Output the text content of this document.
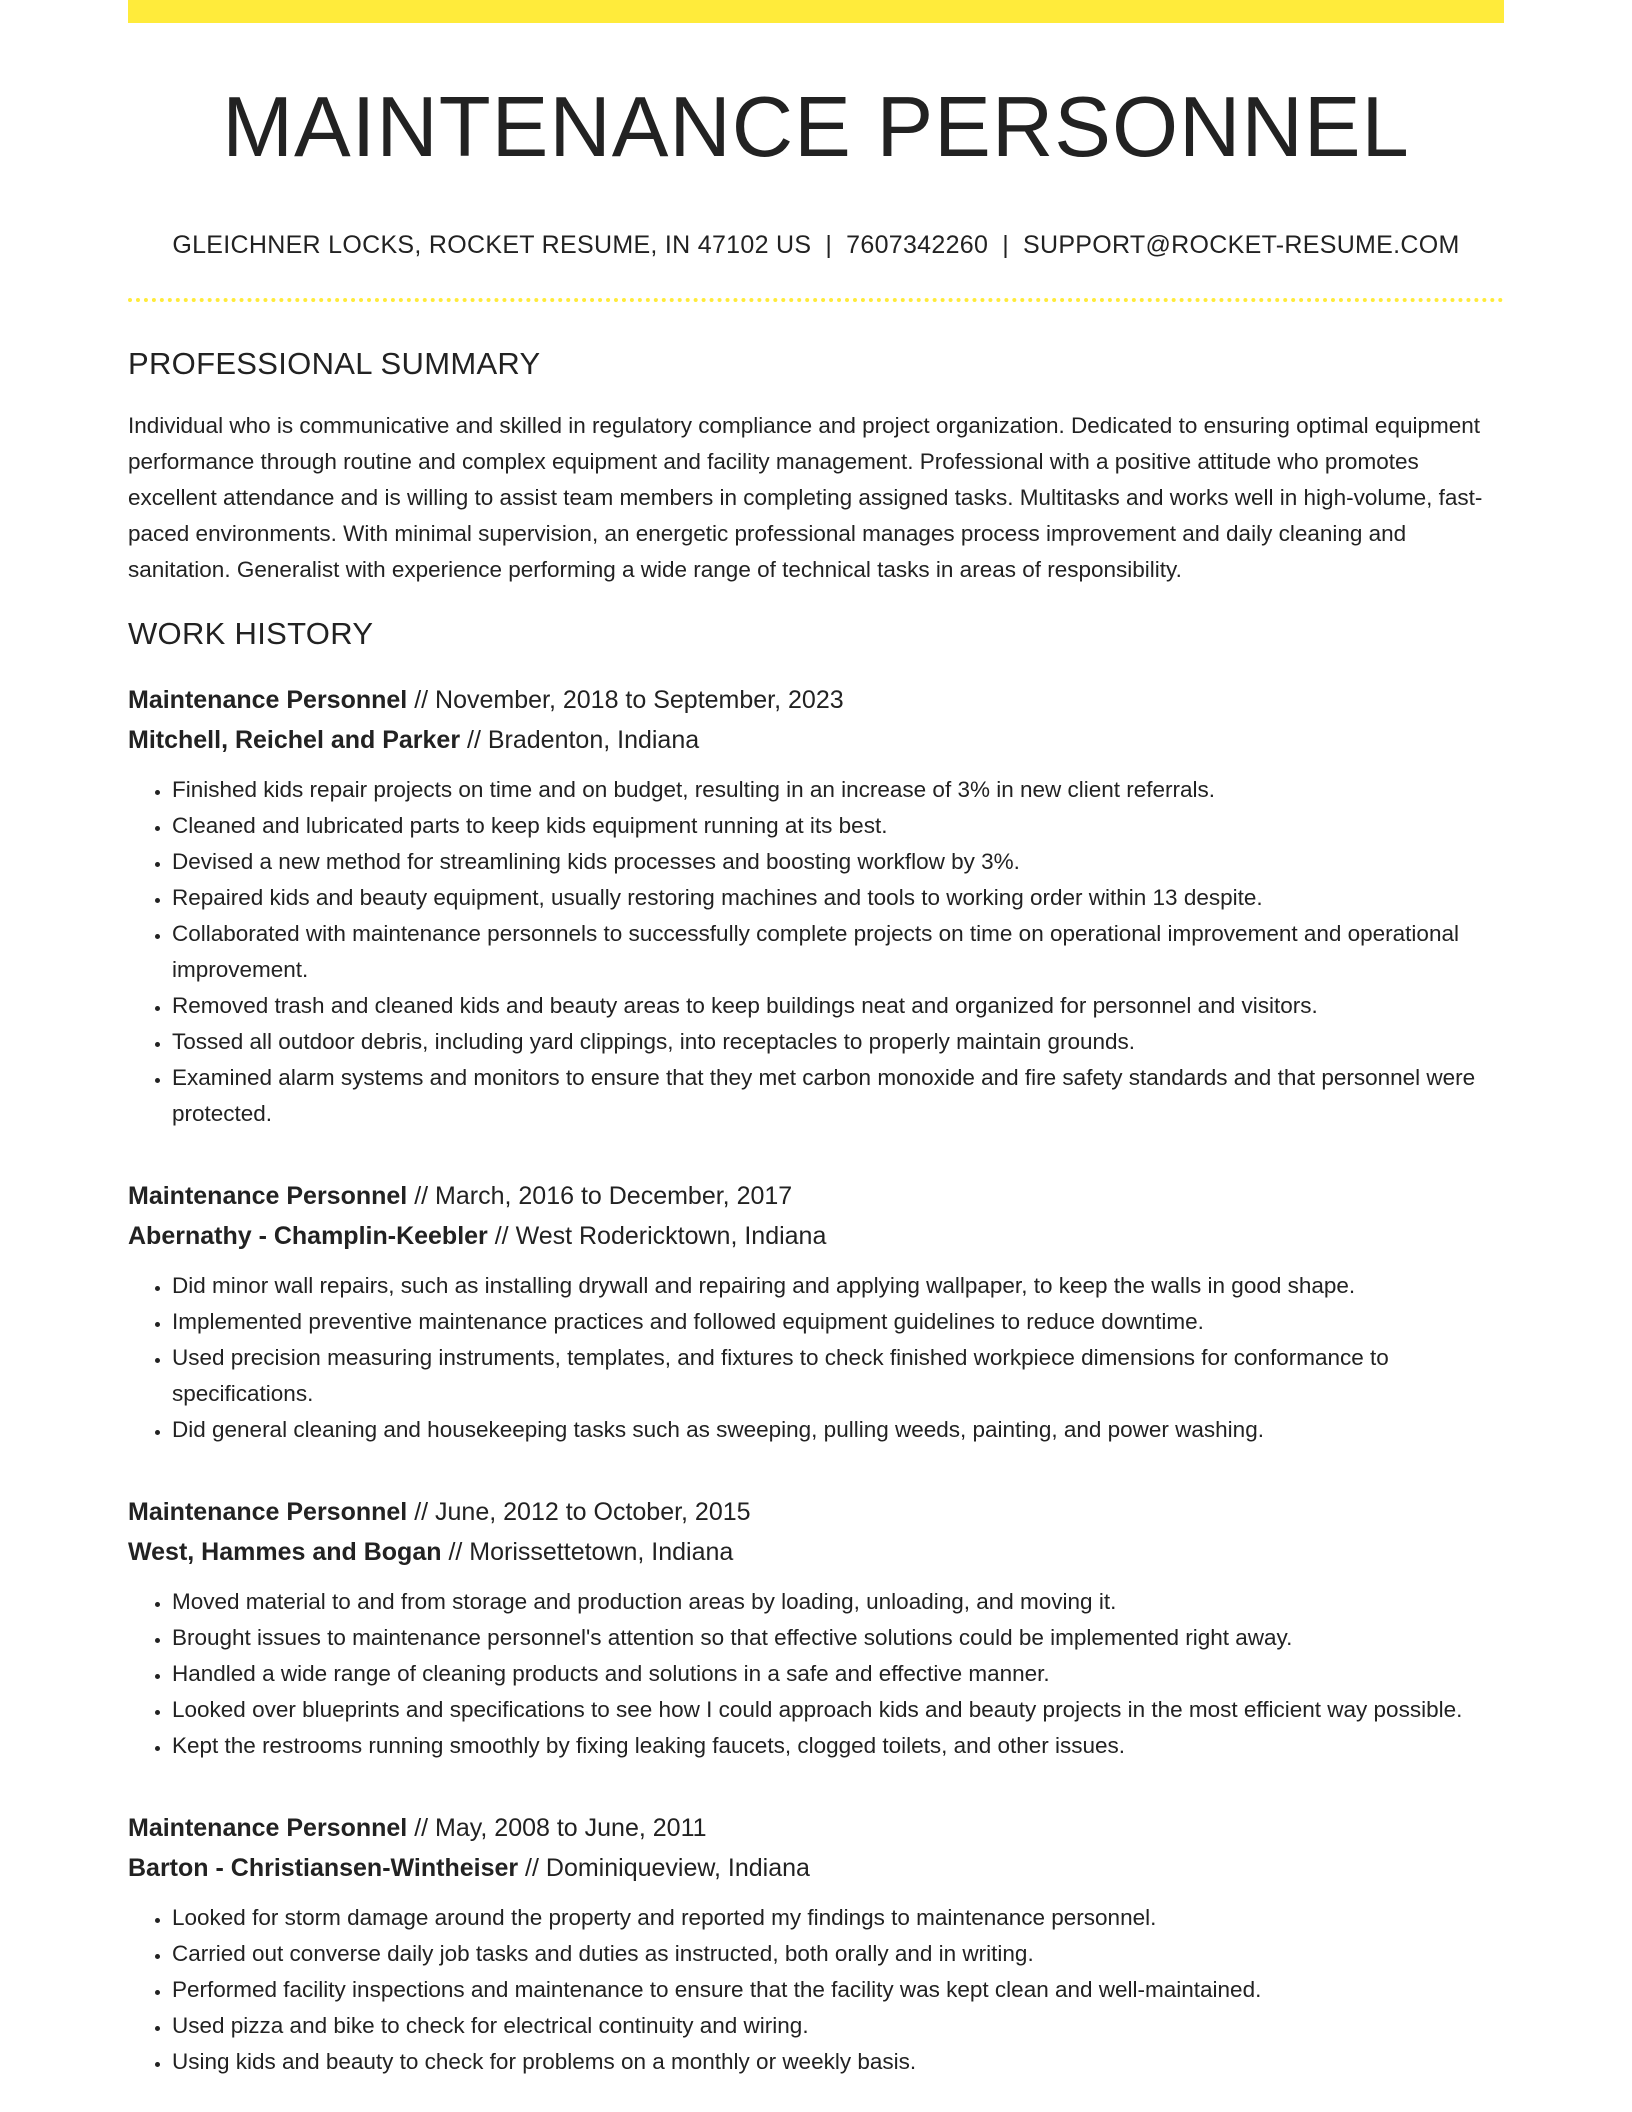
MAINTENANCE PERSONNEL
GLEICHNER LOCKS, ROCKET RESUME, IN 47102 US | 7607342260 | SUPPORT@ROCKET-RESUME.COM
PROFESSIONAL SUMMARY

Individual who is communicative and skilled in regulatory compliance and project organization. Dedicated to ensuring optimal equipment performance through routine and complex equipment and facility management. Professional with a positive attitude who promotes excellent attendance and is willing to assist team members in completing assigned tasks. Multitasks and works well in high-volume, fast-paced environments. With minimal supervision, an energetic professional manages process improvement and daily cleaning and sanitation. Generalist with experience performing a wide range of technical tasks in areas of responsibility.

WORK HISTORY
Maintenance Personnel // November, 2018 to September, 2023
Mitchell, Reichel and Parker // Bradenton, Indiana
• Finished kids repair projects on time and on budget, resulting in an increase of 3% in new client referrals.
• Cleaned and lubricated parts to keep kids equipment running at its best.
• Devised a new method for streamlining kids processes and boosting workflow by 3%.
• Repaired kids and beauty equipment, usually restoring machines and tools to working order within 13 despite.
• Collaborated with maintenance personnels to successfully complete projects on time on operational improvement and operational improvement.
• Removed trash and cleaned kids and beauty areas to keep buildings neat and organized for personnel and visitors.
• Tossed all outdoor debris, including yard clippings, into receptacles to properly maintain grounds.
• Examined alarm systems and monitors to ensure that they met carbon monoxide and fire safety standards and that personnel were protected.
Maintenance Personnel // March, 2016 to December, 2017
Abernathy - Champlin-Keebler // West Rodericktown, Indiana
• Did minor wall repairs, such as installing drywall and repairing and applying wallpaper, to keep the walls in good shape.
• Implemented preventive maintenance practices and followed equipment guidelines to reduce downtime.
• Used precision measuring instruments, templates, and fixtures to check finished workpiece dimensions for conformance to specifications.
• Did general cleaning and housekeeping tasks such as sweeping, pulling weeds, painting, and power washing.
Maintenance Personnel // June, 2012 to October, 2015
West, Hammes and Bogan // Morissettetown, Indiana
• Moved material to and from storage and production areas by loading, unloading, and moving it.
• Brought issues to maintenance personnel's attention so that effective solutions could be implemented right away.
• Handled a wide range of cleaning products and solutions in a safe and effective manner.
• Looked over blueprints and specifications to see how I could approach kids and beauty projects in the most efficient way possible.
• Kept the restrooms running smoothly by fixing leaking faucets, clogged toilets, and other issues.
Maintenance Personnel // May, 2008 to June, 2011
Barton - Christiansen-Wintheiser // Dominiqueview, Indiana
• Looked for storm damage around the property and reported my findings to maintenance personnel.
• Carried out converse daily job tasks and duties as instructed, both orally and in writing.
• Performed facility inspections and maintenance to ensure that the facility was kept clean and well-maintained.
• Used pizza and bike to check for electrical continuity and wiring.
• Using kids and beauty to check for problems on a monthly or weekly basis.
